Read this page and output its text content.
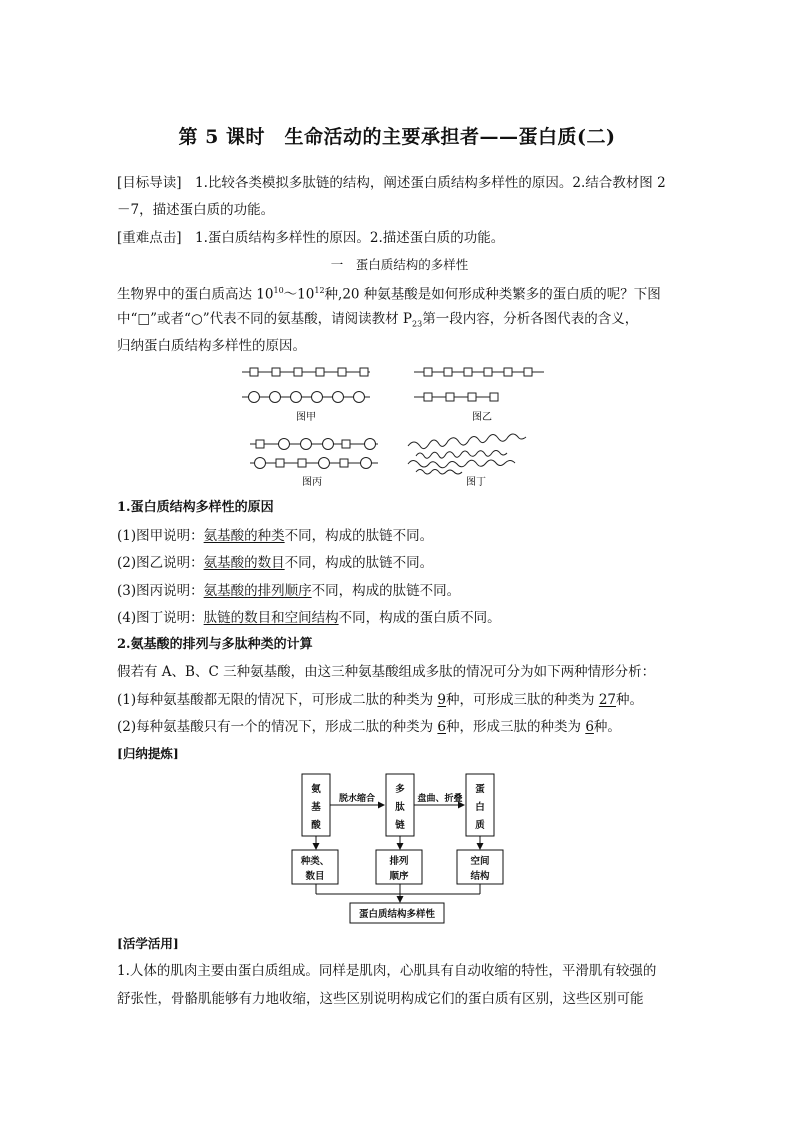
第 5 课时　生命活动的主要承担者——蛋白质(二)
[目标导读]　1.比较各类模拟多肽链的结构，阐述蛋白质结构多样性的原因。2.结合教材图 2
－7，描述蛋白质的功能。
[重难点击]　1.蛋白质结构多样性的原因。2.描述蛋白质的功能。
一　蛋白质结构的多样性
生物界中的蛋白质高达 $10^{10}\sim 10^{12}$种,20 种氨基酸是如何形成种类繁多的蛋白质的呢？下图
中“□”或者“○”代表不同的氨基酸，请阅读教材 $P_{23}$第一段内容，分析各图代表的含义，
归纳蛋白质结构多样性的原因。
图甲	图乙
图丙	图丁
1.蛋白质结构多样性的原因
(1)图甲说明：氨基酸的种类不同，构成的肽链不同。
(2)图乙说明：氨基酸的数目不同，构成的肽链不同。
(3)图丙说明：氨基酸的排列顺序不同，构成的肽链不同。
(4)图丁说明：肽链的数目和空间结构不同，构成的蛋白质不同。
2.氨基酸的排列与多肽种类的计算
假若有 A、B、C 三种氨基酸，由这三种氨基酸组成多肽的情况可分为如下两种情形分析：
(1)每种氨基酸都无限的情况下，可形成二肽的种类为 9种，可形成三肽的种类为 27种。
(2)每种氨基酸只有一个的情况下，形成二肽的种类为 6种，形成三肽的种类为 6种。
[归纳提炼]
氨
基
酸
多
肽
链
蛋
白
质
脱水缩合	盘曲、折叠
种类、
数目
排列
顺序
空间
结构
蛋白质结构多样性
[活学活用]
1.人体的肌肉主要由蛋白质组成。同样是肌肉，心肌具有自动收缩的特性，平滑肌有较强的
舒张性，骨骼肌能够有力地收缩，这些区别说明构成它们的蛋白质有区别，这些区别可能
